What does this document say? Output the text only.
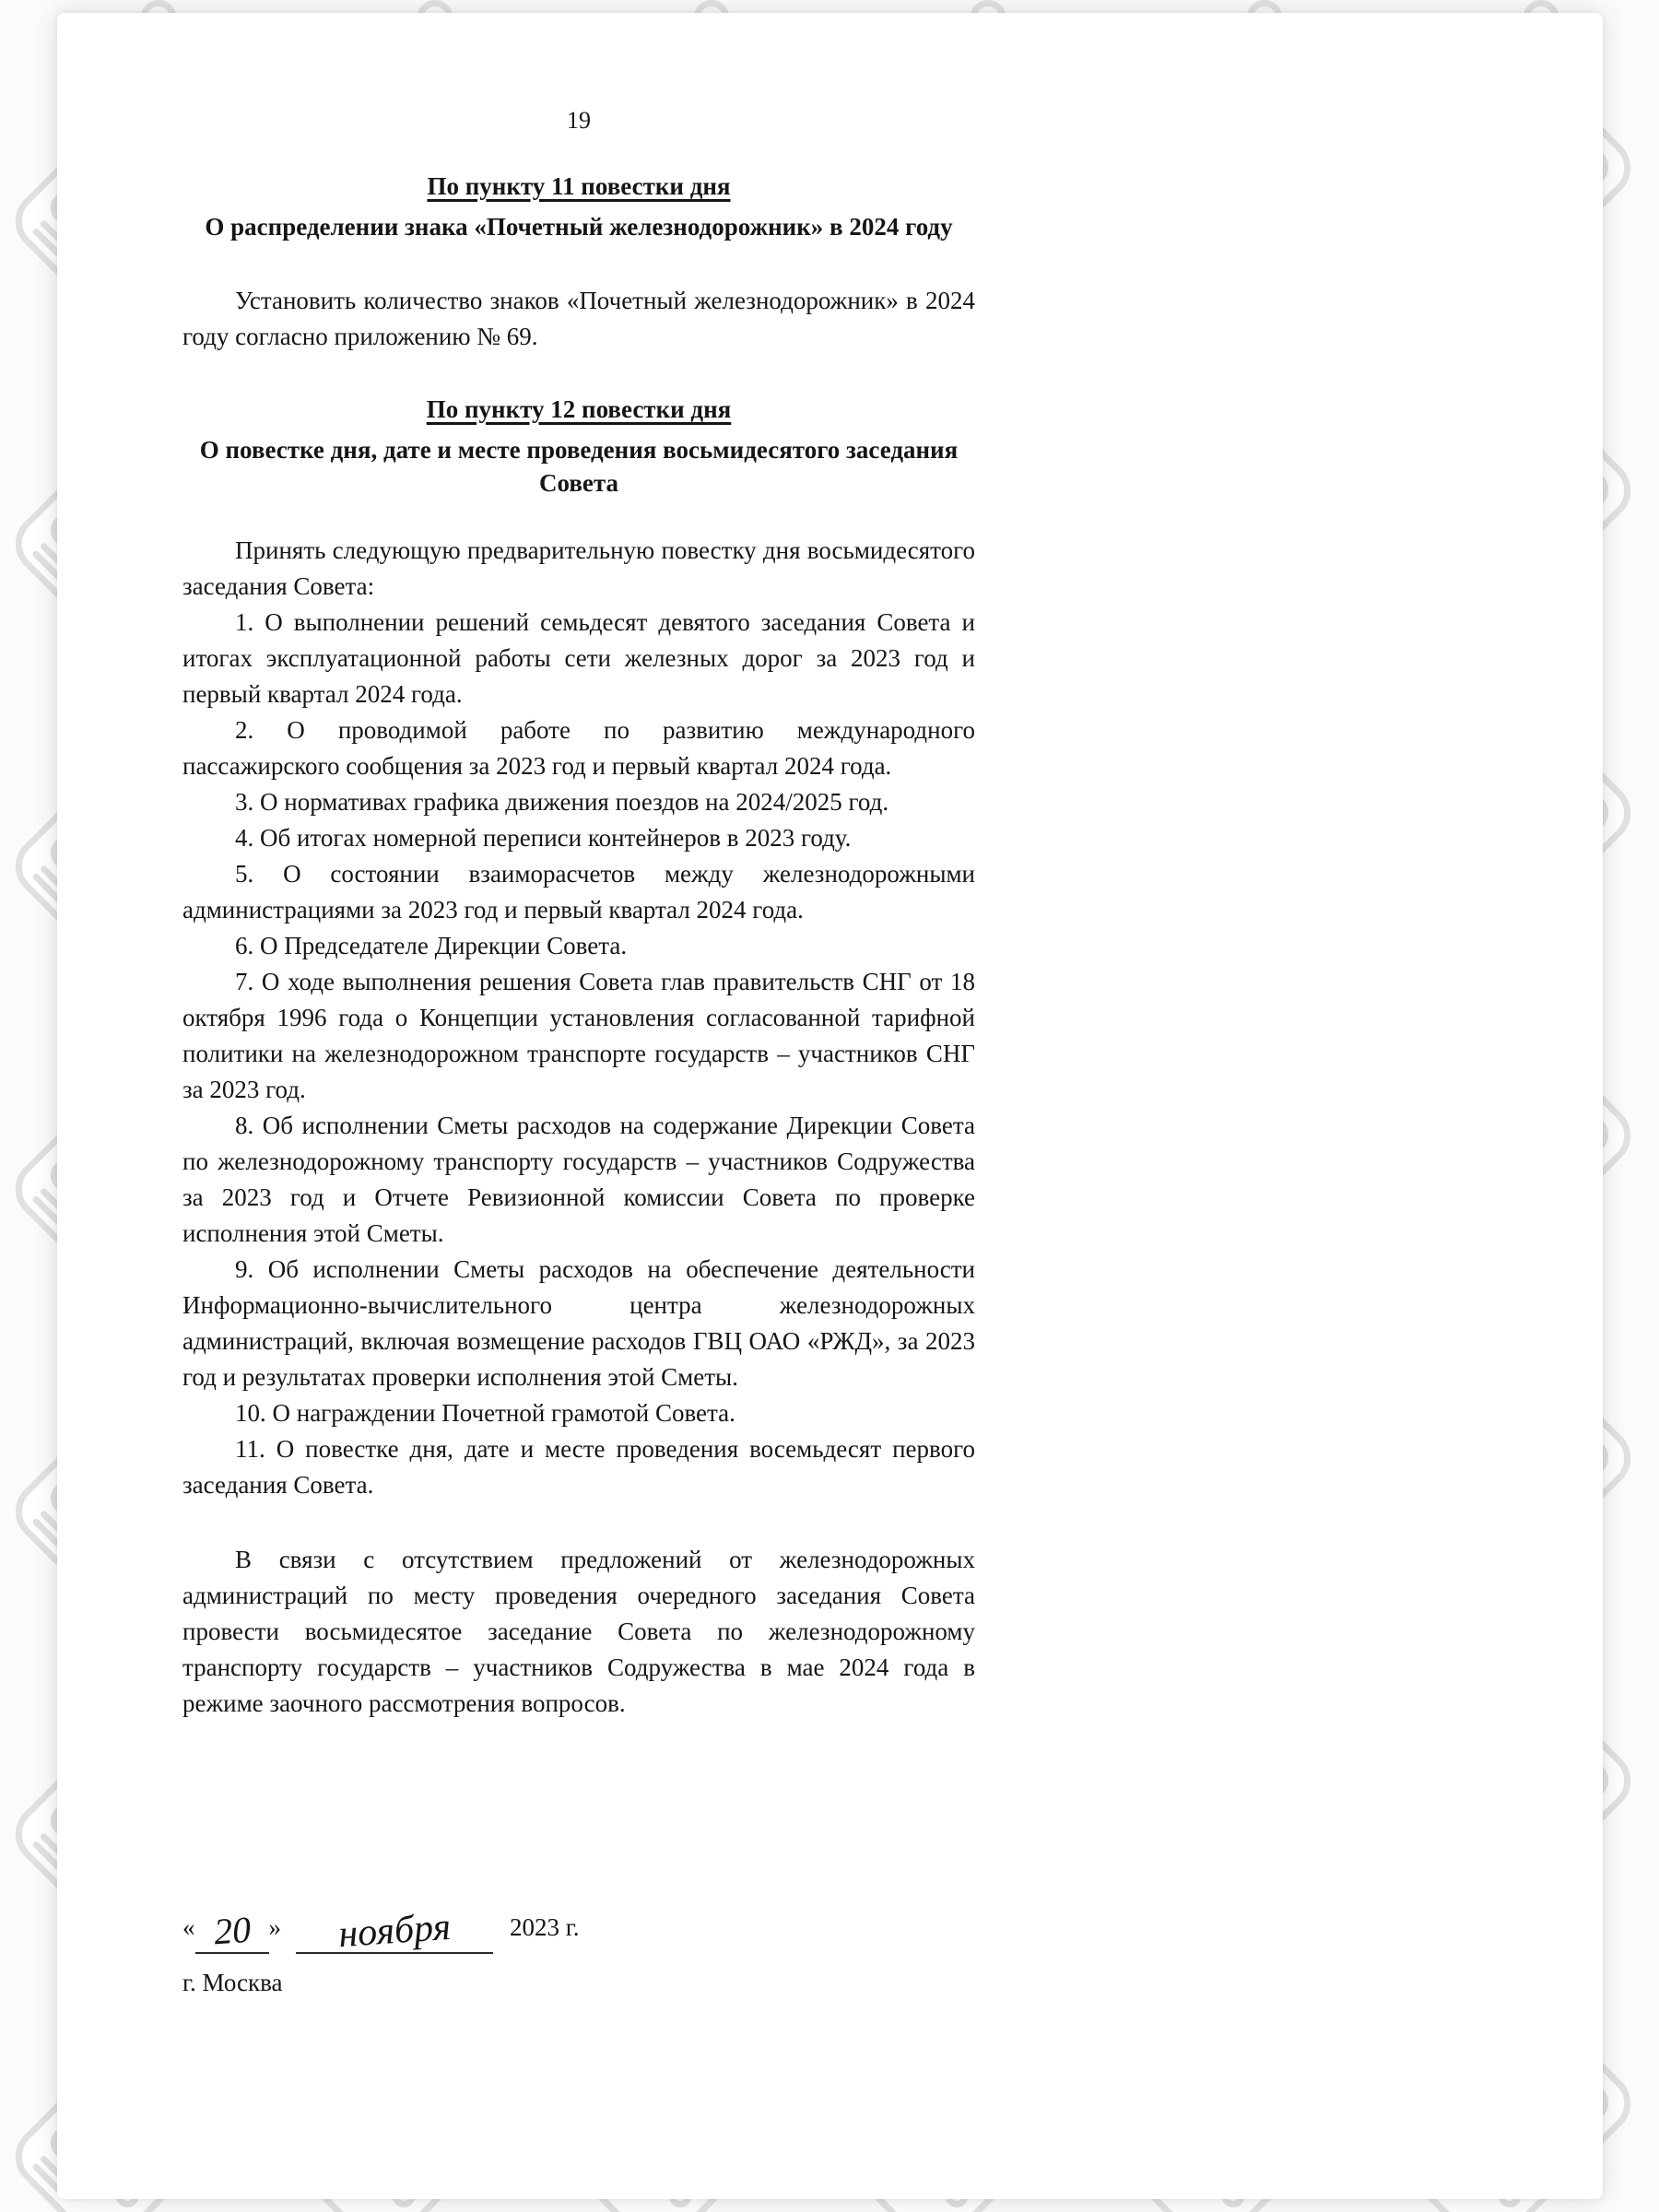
19
По пункту 11 повестки дня
О распределении знака «Почетный железнодорожник» в 2024 году

Установить количество знаков «Почетный железнодорожник» в 2024 году согласно приложению № 69.

По пункту 12 повестки дня
О повестке дня, дате и месте проведения восьмидесятого заседания
Совета

Принять следующую предварительную повестку дня восьмидесятого заседания Совета:

1. О выполнении решений семьдесят девятого заседания Совета и итогах эксплуатационной работы сети железных дорог за 2023 год и первый квартал 2024 года.

2. О проводимой работе по развитию международного пассажирского сообщения за 2023 год и первый квартал 2024 года.

3. О нормативах графика движения поездов на 2024/2025 год.

4. Об итогах номерной переписи контейнеров в 2023 году.

5. О состоянии взаиморасчетов между железнодорожными администрациями за 2023 год и первый квартал 2024 года.

6. О Председателе Дирекции Совета.

7. О ходе выполнения решения Совета глав правительств СНГ от 18 октября 1996 года о Концепции установления согласованной тарифной политики на железнодорожном транспорте государств – участников СНГ за 2023 год.

8. Об исполнении Сметы расходов на содержание Дирекции Совета по железнодорожному транспорту государств – участников Содружества за 2023 год и Отчете Ревизионной комиссии Совета по проверке исполнения этой Сметы.

9. Об исполнении Сметы расходов на обеспечение деятельности Информационно-вычислительного центра железнодорожных администраций, включая возмещение расходов ГВЦ ОАО «РЖД», за 2023 год и результатах проверки исполнения этой Сметы.

10. О награждении Почетной грамотой Совета.

11. О повестке дня, дате и месте проведения восемьдесят первого заседания Совета.

В связи с отсутствием предложений от железнодорожных администраций по месту проведения очередного заседания Совета провести восьмидесятое заседание Совета по железнодорожному транспорту государств – участников Содружества в мае 2024 года в режиме заочного рассмотрения вопросов.

« 20 » ноября 2023 г.
г. Москва
